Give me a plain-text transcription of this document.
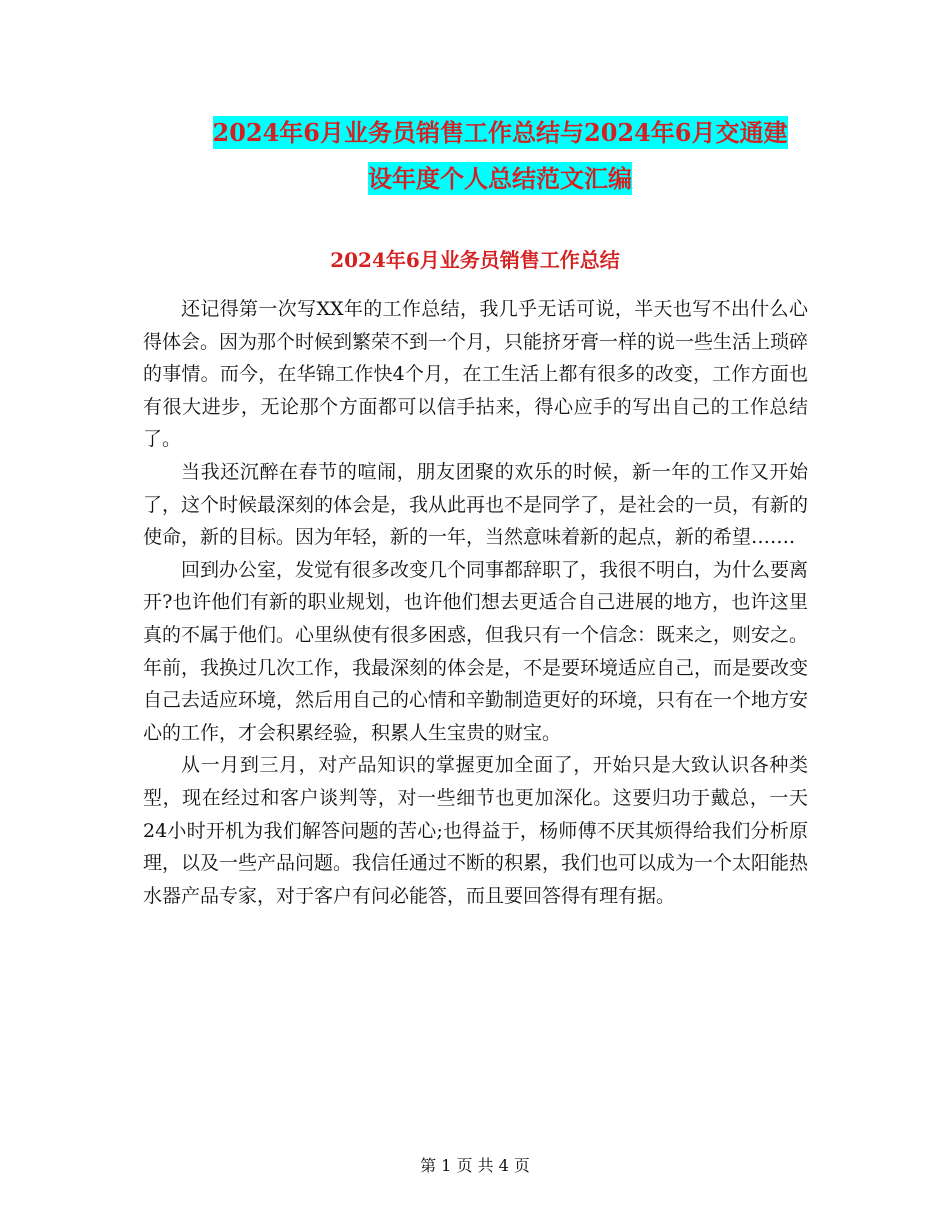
2024年6月业务员销售工作总结与2024年6月交通建
设年度个人总结范文汇编
2024年6月业务员销售工作总结

还记得第一次写XX年的工作总结，我几乎无话可说，半天也写不出什么心得体会。因为那个时候到繁荣不到一个月，只能挤牙膏一样的说一些生活上琐碎的事情。而今，在华锦工作快4个月，在工生活上都有很多的改变，工作方面也有很大进步，无论那个方面都可以信手拈来，得心应手的写出自己的工作总结了。

当我还沉醉在春节的喧闹，朋友团聚的欢乐的时候，新一年的工作又开始了，这个时候最深刻的体会是，我从此再也不是同学了，是社会的一员，有新的使命，新的目标。因为年轻，新的一年，当然意味着新的起点，新的希望…….

回到办公室，发觉有很多改变几个同事都辞职了，我很不明白，为什么要离开?也许他们有新的职业规划，也许他们想去更适合自己进展的地方，也许这里真的不属于他们。心里纵使有很多困惑，但我只有一个信念：既来之，则安之。年前，我换过几次工作，我最深刻的体会是，不是要环境适应自己，而是要改变自己去适应环境，然后用自己的心情和辛勤制造更好的环境，只有在一个地方安心的工作，才会积累经验，积累人生宝贵的财宝。

从一月到三月，对产品知识的掌握更加全面了，开始只是大致认识各种类型，现在经过和客户谈判等，对一些细节也更加深化。这要归功于戴总，一天24小时开机为我们解答问题的苦心;也得益于，杨师傅不厌其烦得给我们分析原理，以及一些产品问题。我信任通过不断的积累，我们也可以成为一个太阳能热水器产品专家，对于客户有问必能答，而且要回答得有理有据。

第 1 页 共 4 页
